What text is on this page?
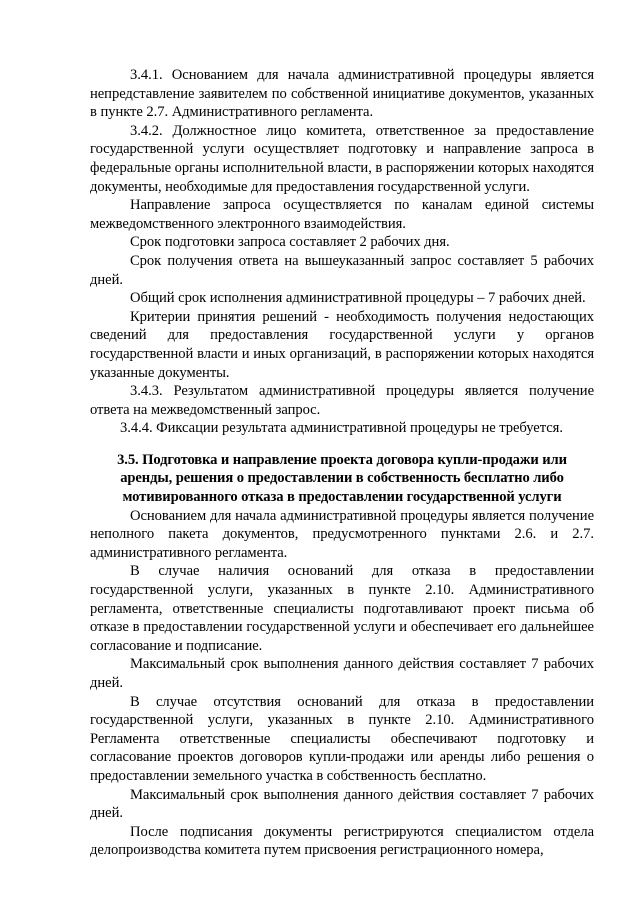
3.4.1. Основанием для начала административной процедуры является непредставление заявителем по собственной инициативе документов, указанных в пункте 2.7. Административного регламента.

3.4.2. Должностное лицо комитета, ответственное за предоставление государственной услуги осуществляет подготовку и направление запроса в федеральные органы исполнительной власти, в распоряжении которых находятся документы, необходимые для предоставления государственной услуги.

Направление запроса осуществляется по каналам единой системы межведомственного электронного взаимодействия.

Срок подготовки запроса составляет 2 рабочих дня.

Срок получения ответа на вышеуказанный запрос составляет 5 рабочих дней.

Общий срок исполнения административной процедуры – 7 рабочих дней.

Критерии принятия решений - необходимость получения недостающих сведений для предоставления государственной услуги у органов государственной власти и иных организаций, в распоряжении которых находятся указанные документы.

3.4.3. Результатом административной процедуры является получение ответа на межведомственный запрос.

3.4.4. Фиксации результата административной процедуры не требуется.

3.5. Подготовка и направление проекта договора купли-продажи или аренды, решения о предоставлении в собственность бесплатно либо мотивированного отказа в предоставлении государственной услуги

Основанием для начала административной процедуры является получение неполного пакета документов, предусмотренного пунктами 2.6. и 2.7. административного регламента.

В случае наличия оснований для отказа в предоставлении государственной услуги, указанных в пункте 2.10. Административного регламента, ответственные специалисты подготавливают проект письма об отказе в предоставлении государственной услуги и обеспечивает его дальнейшее согласование и подписание.

Максимальный срок выполнения данного действия составляет 7 рабочих дней.

В случае отсутствия оснований для отказа в предоставлении государственной услуги, указанных в пункте 2.10. Административного Регламента ответственные специалисты обеспечивают подготовку и согласование проектов договоров купли-продажи или аренды либо решения о предоставлении земельного участка в собственность бесплатно.

Максимальный срок выполнения данного действия составляет 7 рабочих дней.

После подписания документы регистрируются специалистом отдела делопроизводства комитета путем присвоения регистрационного номера,
